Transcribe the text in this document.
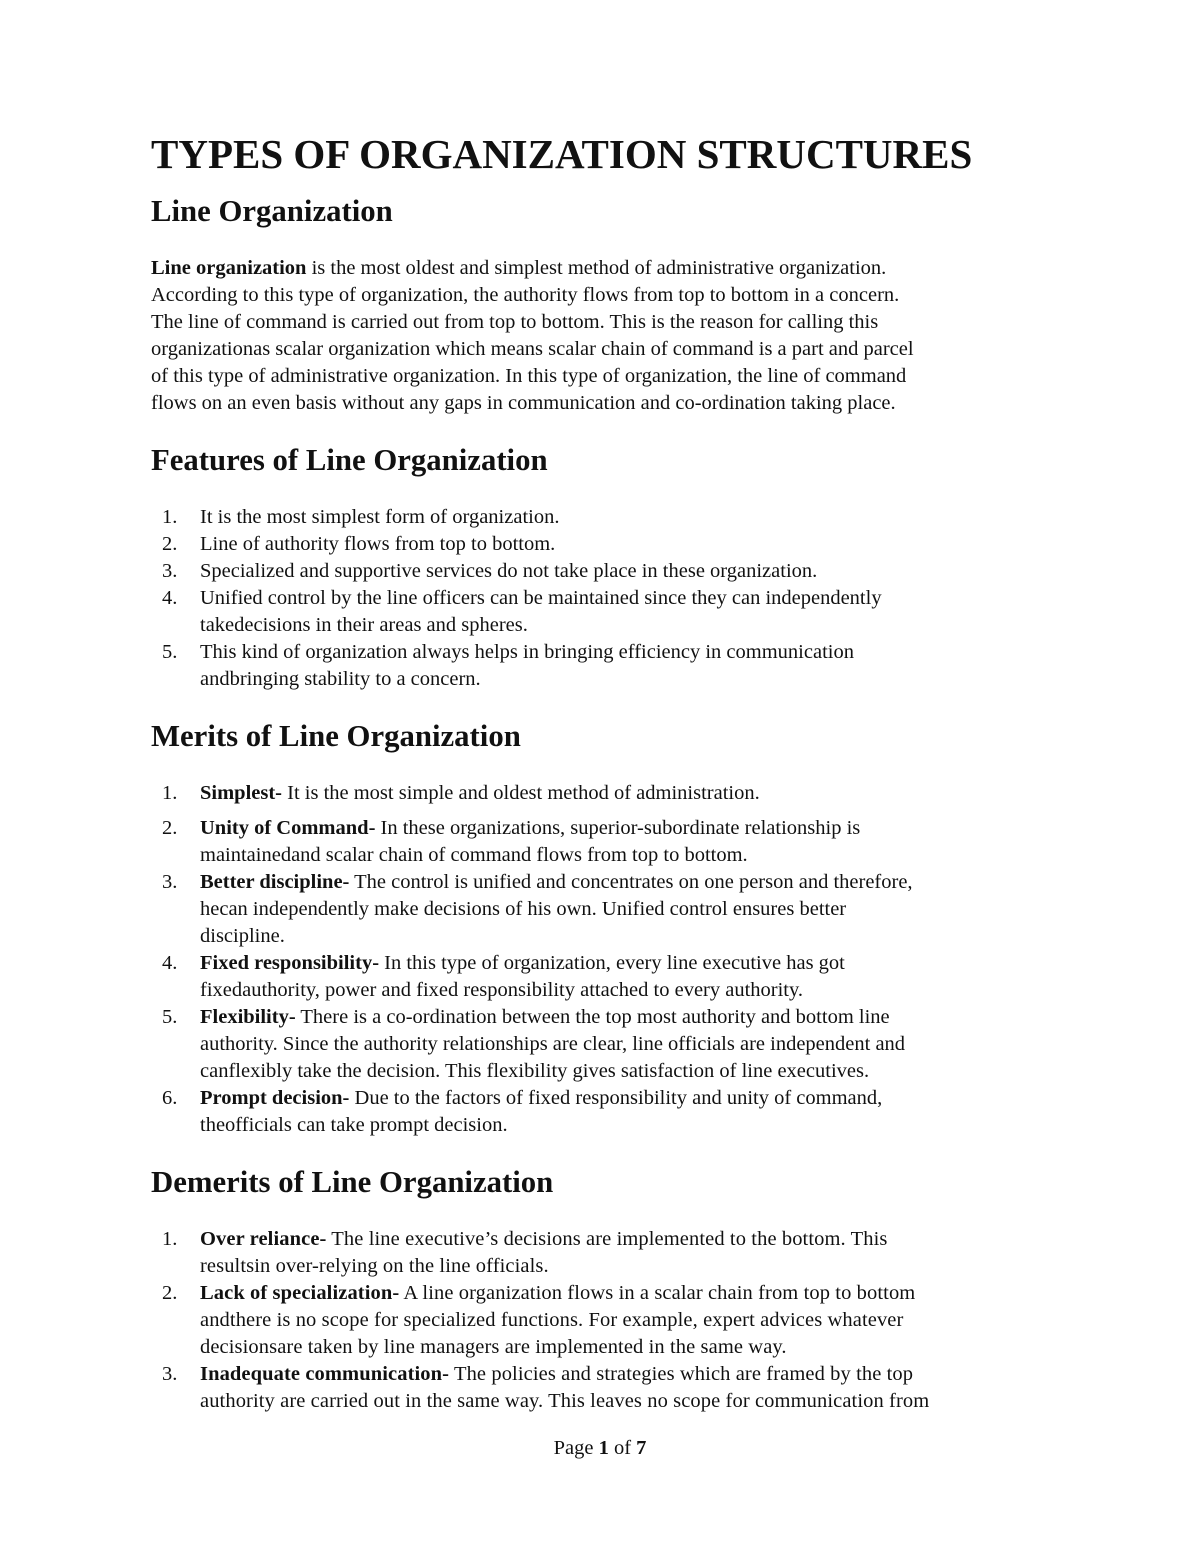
TYPES OF ORGANIZATION STRUCTURES
Line Organization

Line organization is the most oldest and simplest method of administrative organization.
According to this type of organization, the authority flows from top to bottom in a concern.
The line of command is carried out from top to bottom. This is the reason for calling this
organizationas scalar organization which means scalar chain of command is a part and parcel
of this type of administrative organization. In this type of organization, the line of command
flows on an even basis without any gaps in communication and co-ordination taking place.

Features of Line Organization
1. It is the most simplest form of organization.
2. Line of authority flows from top to bottom.
3. Specialized and supportive services do not take place in these organization.
4. Unified control by the line officers can be maintained since they can independently
takedecisions in their areas and spheres.
5. This kind of organization always helps in bringing efficiency in communication
andbringing stability to a concern.
Merits of Line Organization
1. Simplest- It is the most simple and oldest method of administration.
2. Unity of Command- In these organizations, superior-subordinate relationship is
maintainedand scalar chain of command flows from top to bottom.
3. Better discipline- The control is unified and concentrates on one person and therefore,
hecan independently make decisions of his own. Unified control ensures better
discipline.
4. Fixed responsibility- In this type of organization, every line executive has got
fixedauthority, power and fixed responsibility attached to every authority.
5. Flexibility- There is a co-ordination between the top most authority and bottom line
authority. Since the authority relationships are clear, line officials are independent and
canflexibly take the decision. This flexibility gives satisfaction of line executives.
6. Prompt decision- Due to the factors of fixed responsibility and unity of command,
theofficials can take prompt decision.
Demerits of Line Organization
1. Over reliance- The line executive’s decisions are implemented to the bottom. This
resultsin over-relying on the line officials.
2. Lack of specialization- A line organization flows in a scalar chain from top to bottom
andthere is no scope for specialized functions. For example, expert advices whatever
decisionsare taken by line managers are implemented in the same way.
3. Inadequate communication- The policies and strategies which are framed by the top
authority are carried out in the same way. This leaves no scope for communication from
Page 1 of 7
